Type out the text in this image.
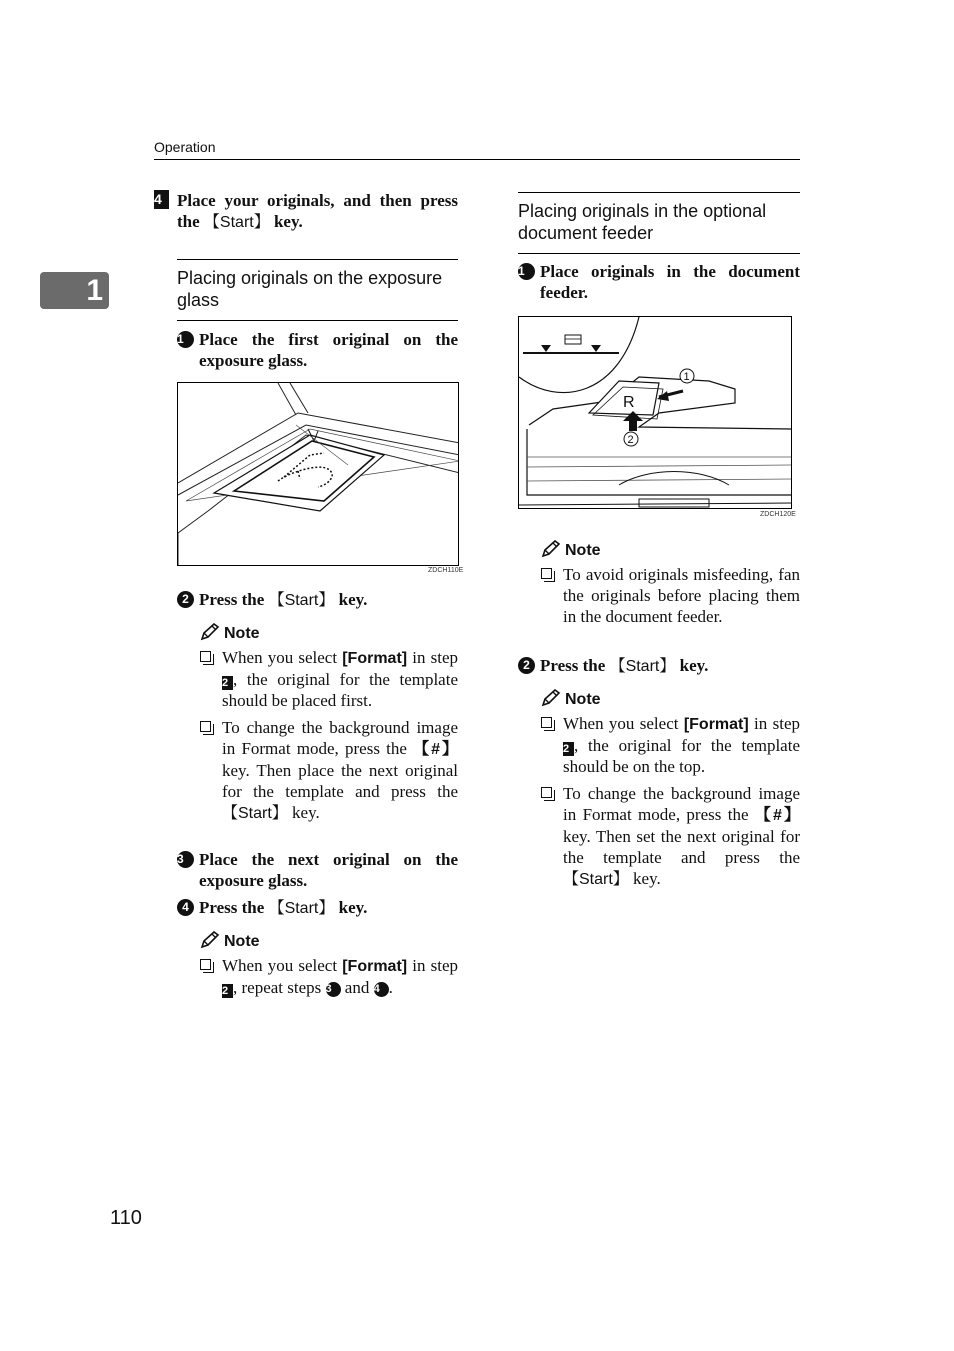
Operation
1
110
4 Place your originals, and then press the 【Start】 key.
Placing originals on the exposure glass
1 Place the first original on the exposure glass.
ZDCH110E
2 Press the 【Start】 key.
Note
When you select [Format] in step 2 , the original for the template should be placed first.
To change the background image in Format mode, press the 【#】 key. Then place the next original for the template and press the 【Start】 key.
3 Place the next original on the exposure glass.
4 Press the 【Start】 key.
Note
When you select [Format] in step 2 , repeat steps 3 and 4 .
Placing originals in the optional document feeder
1 Place originals in the document feeder.
R
1
2
ZDCH120E
Note
To avoid originals misfeeding, fan the originals before placing them in the document feeder.
2 Press the 【Start】 key.
Note
When you select [Format] in step 2 , the original for the template should be on the top.
To change the background image in Format mode, press the 【#】 key. Then set the next original for the template and press the 【Start】 key.
